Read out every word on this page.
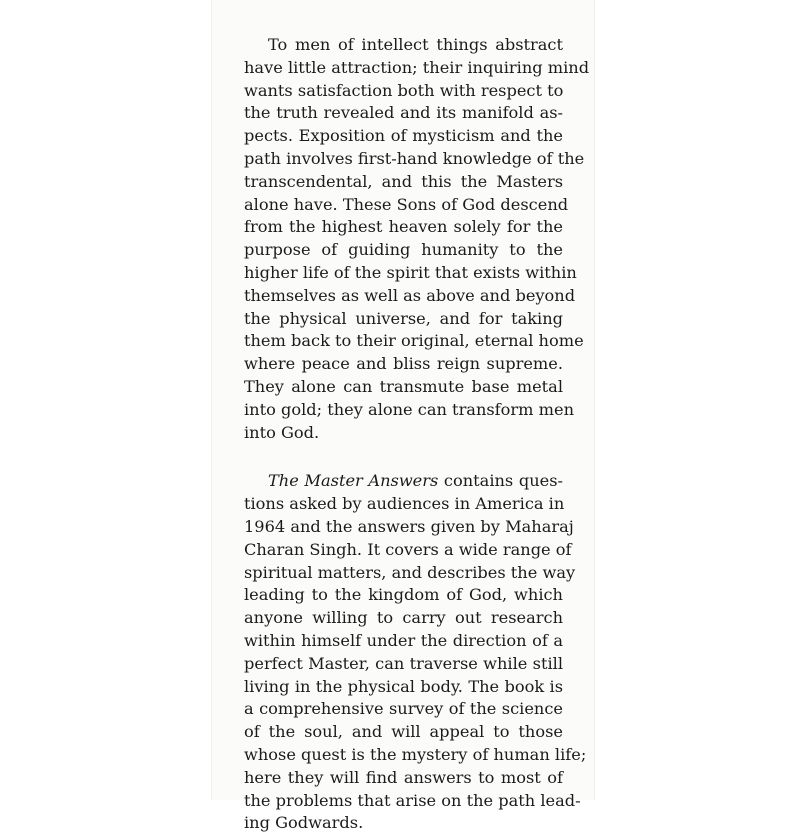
To men of intellect things abstract
have little attraction; their inquiring mind
wants satisfaction both with respect to
the truth revealed and its manifold as-
pects. Exposition of mysticism and the
path involves first-hand knowledge of the
transcendental, and this the Masters
alone have. These Sons of God descend
from the highest heaven solely for the
purpose of guiding humanity to the
higher life of the spirit that exists within
themselves as well as above and beyond
the physical universe, and for taking
them back to their original, eternal home
where peace and bliss reign supreme.
They alone can transmute base metal
into gold; they alone can transform men
into God.
The Master Answers contains ques-
tions asked by audiences in America in
1964 and the answers given by Maharaj
Charan Singh. It covers a wide range of
spiritual matters, and describes the way
leading to the kingdom of God, which
anyone willing to carry out research
within himself under the direction of a
perfect Master, can traverse while still
living in the physical body. The book is
a comprehensive survey of the science
of the soul, and will appeal to those
whose quest is the mystery of human life;
here they will find answers to most of
the problems that arise on the path lead-
ing Godwards.
